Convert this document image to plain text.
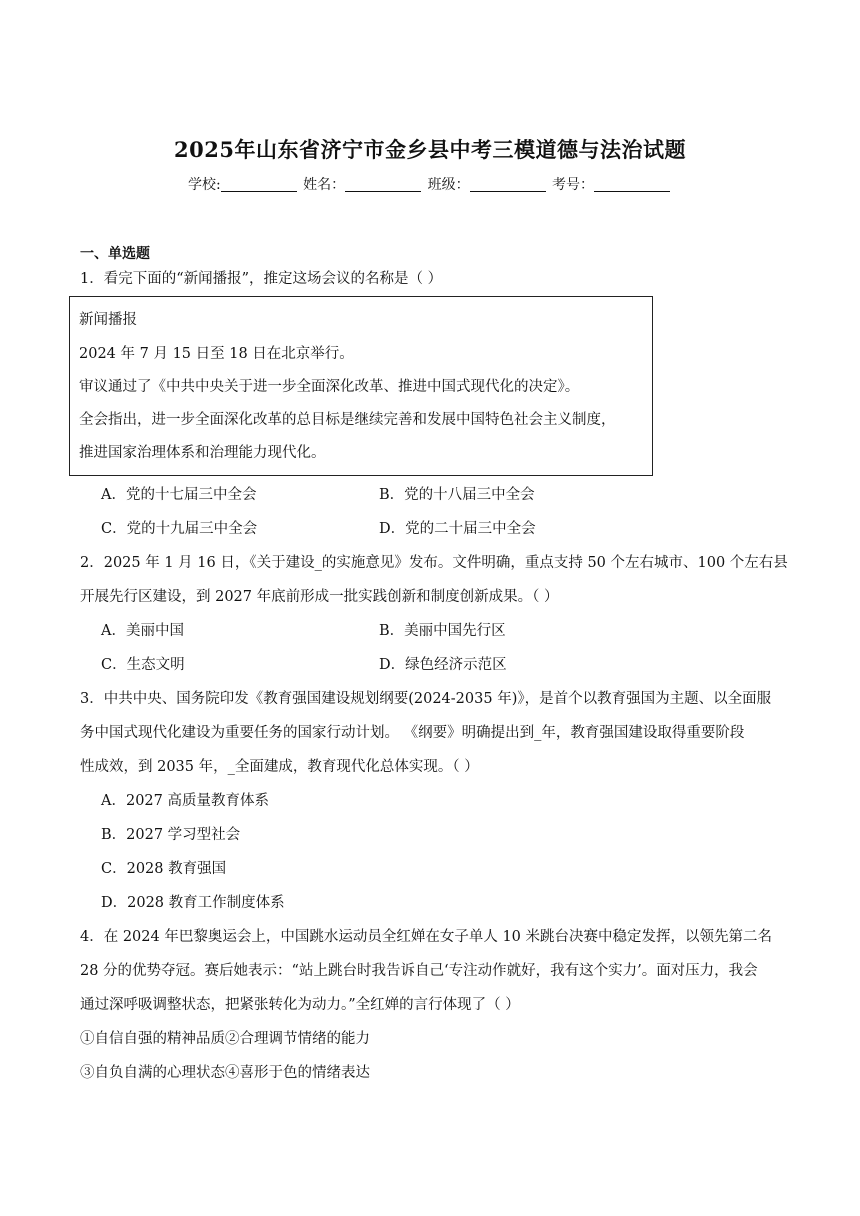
2025年山东省济宁市金乡县中考三模道德与法治试题
学校:	姓名：	班级：	考号：
一、单选题
1．看完下面的“新闻播报”，推定这场会议的名称是（ ）
新闻播报
2024 年 7 月 15 日至 18 日在北京举行。
审议通过了《中共中央关于进一步全面深化改革、推进中国式现代化的决定》。
全会指出，进一步全面深化改革的总目标是继续完善和发展中国特色社会主义制度，
推进国家治理体系和治理能力现代化。
A．党的十七届三中全会	B．党的十八届三中全会
C．党的十九届三中全会	D．党的二十届三中全会
2．2025 年 1 月 16 日，《关于建设_的实施意见》发布。文件明确，重点支持 50 个左右城市、100 个左右县
开展先行区建设，到 2027 年底前形成一批实践创新和制度创新成果。（ ）
A．美丽中国	B．美丽中国先行区
C．生态文明	D．绿色经济示范区
3．中共中央、国务院印发《教育强国建设规划纲要(2024-2035 年)》，是首个以教育强国为主题、以全面服
务中国式现代化建设为重要任务的国家行动计划。 《纲要》明确提出到_年，教育强国建设取得重要阶段
性成效，到 2035 年，_全面建成，教育现代化总体实现。（ ）
A．2027 高质量教育体系
B．2027 学习型社会
C．2028 教育强国
D．2028 教育工作制度体系
4．在 2024 年巴黎奥运会上，中国跳水运动员全红婵在女子单人 10 米跳台决赛中稳定发挥，以领先第二名
28 分的优势夺冠。赛后她表示：“站上跳台时我告诉自己‘专注动作就好，我有这个实力’。面对压力，我会
通过深呼吸调整状态，把紧张转化为动力。”全红婵的言行体现了（ ）
①自信自强的精神品质②合理调节情绪的能力
③自负自满的心理状态④喜形于色的情绪表达
